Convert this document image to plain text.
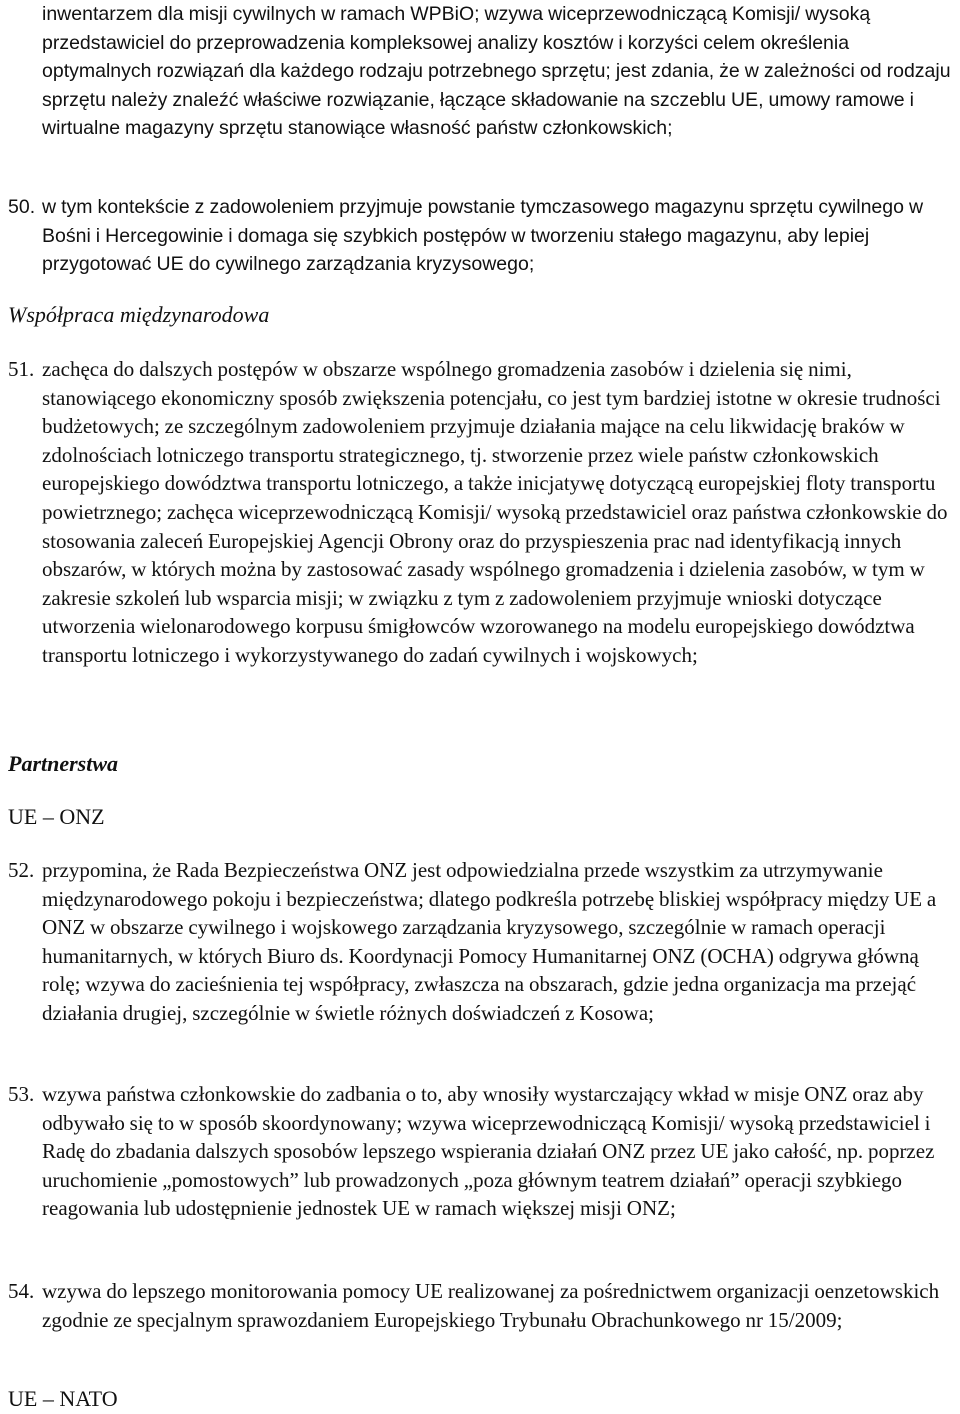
inwentarzem dla misji cywilnych w ramach WPBiO; wzywa wiceprzewodniczącą Komisji/ wysoką przedstawiciel do przeprowadzenia kompleksowej analizy kosztów i korzyści celem określenia optymalnych rozwiązań dla każdego rodzaju potrzebnego sprzętu; jest zdania, że w zależności od rodzaju sprzętu należy znaleźć właściwe rozwiązanie, łączące składowanie na szczeblu UE, umowy ramowe i wirtualne magazyny sprzętu stanowiące własność państw członkowskich;

50. w tym kontekście z zadowoleniem przyjmuje powstanie tymczasowego magazynu sprzętu cywilnego w Bośni i Hercegowinie i domaga się szybkich postępów w tworzeniu stałego magazynu, aby lepiej przygotować UE do cywilnego zarządzania kryzysowego;

Współpraca międzynarodowa

51. zachęca do dalszych postępów w obszarze wspólnego gromadzenia zasobów i dzielenia się nimi, stanowiącego ekonomiczny sposób zwiększenia potencjału, co jest tym bardziej istotne w okresie trudności budżetowych; ze szczególnym zadowoleniem przyjmuje działania mające na celu likwidację braków w zdolnościach lotniczego transportu strategicznego, tj. stworzenie przez wiele państw członkowskich europejskiego dowództwa transportu lotniczego, a także inicjatywę dotyczącą europejskiej floty transportu powietrznego; zachęca wiceprzewodniczącą Komisji/ wysoką przedstawiciel oraz państwa członkowskie do stosowania zaleceń Europejskiej Agencji Obrony oraz do przyspieszenia prac nad identyfikacją innych obszarów, w których można by zastosować zasady wspólnego gromadzenia i dzielenia zasobów, w tym w zakresie szkoleń lub wsparcia misji; w związku z tym z zadowoleniem przyjmuje wnioski dotyczące utworzenia wielonarodowego korpusu śmigłowców wzorowanego na modelu europejskiego dowództwa transportu lotniczego i wykorzystywanego do zadań cywilnych i wojskowych;

Partnerstwa

UE – ONZ

52. przypomina, że Rada Bezpieczeństwa ONZ jest odpowiedzialna przede wszystkim za utrzymywanie międzynarodowego pokoju i bezpieczeństwa; dlatego podkreśla potrzebę bliskiej współpracy między UE a ONZ w obszarze cywilnego i wojskowego zarządzania kryzysowego, szczególnie w ramach operacji humanitarnych, w których Biuro ds. Koordynacji Pomocy Humanitarnej ONZ (OCHA) odgrywa główną rolę; wzywa do zacieśnienia tej współpracy, zwłaszcza na obszarach, gdzie jedna organizacja ma przejąć działania drugiej, szczególnie w świetle różnych doświadczeń z Kosowa;
53. wzywa państwa członkowskie do zadbania o to, aby wnosiły wystarczający wkład w misje ONZ oraz aby odbywało się to w sposób skoordynowany; wzywa wiceprzewodniczącą Komisji/ wysoką przedstawiciel i Radę do zbadania dalszych sposobów lepszego wspierania działań ONZ przez UE jako całość, np. poprzez uruchomienie „pomostowych” lub prowadzonych „poza głównym teatrem działań” operacji szybkiego reagowania lub udostępnienie jednostek UE w ramach większej misji ONZ;
54. wzywa do lepszego monitorowania pomocy UE realizowanej za pośrednictwem organizacji oenzetowskich zgodnie ze specjalnym sprawozdaniem Europejskiego Trybunału Obrachunkowego nr 15/2009;

UE – NATO
